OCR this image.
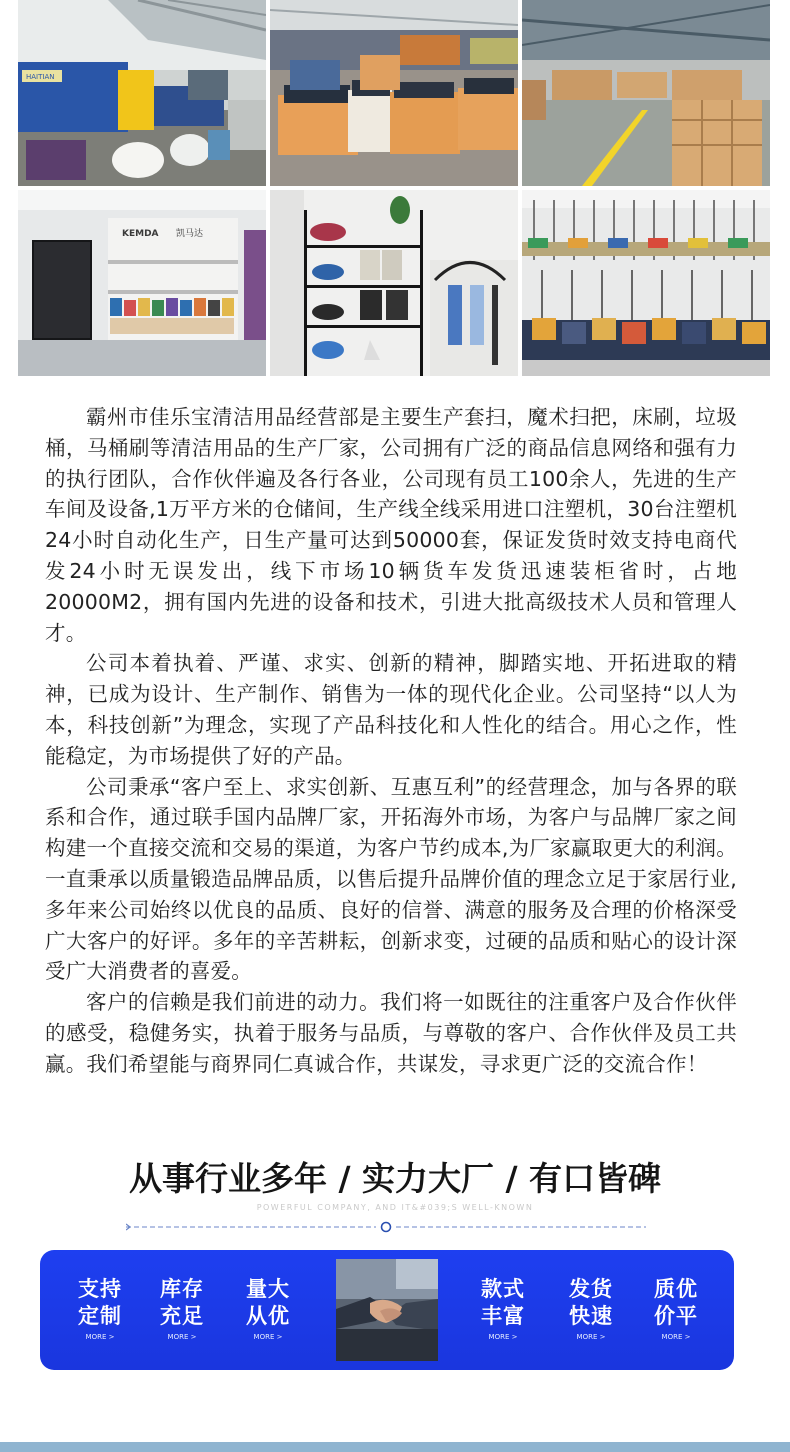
HAITIAN
KEMDA 凯马达

霸州市佳乐宝清洁用品经营部是主要生产套扫，魔术扫把，床刷，垃圾桶，马桶刷等清洁用品的生产厂家，公司拥有广泛的商品信息网络和强有力的执行团队，合作伙伴遍及各行各业，公司现有员工100余人，先进的生产车间及设备,1万平方米的仓储间，生产线全线采用进口注塑机，30台注塑机24小时自动化生产，日生产量可达到50000套，保证发货时效支持电商代发24小时无误发出，线下市场10辆货车发货迅速装柜省时，占地20000M2，拥有国内先进的设备和技术，引进大批高级技术人员和管理人才。

公司本着执着、严谨、求实、创新的精神，脚踏实地、开拓进取的精神，已成为设计、生产制作、销售为一体的现代化企业。公司坚持“以人为本，科技创新”为理念，实现了产品科技化和人性化的结合。用心之作，性能稳定，为市场提供了好的产品。

公司秉承“客户至上、求实创新、互惠互利”的经营理念，加与各界的联系和合作，通过联手国内品牌厂家，开拓海外市场，为客户与品牌厂家之间构建一个直接交流和交易的渠道，为客户节约成本,为厂家赢取更大的利润。一直秉承以质量锻造品牌品质，以售后提升品牌价值的理念立足于家居行业, 多年来公司始终以优良的品质、良好的信誉、满意的服务及合理的价格深受广大客户的好评。多年的辛苦耕耘，创新求变，过硬的品质和贴心的设计深受广大消费者的喜爱。

客户的信赖是我们前进的动力。我们将一如既往的注重客户及合作伙伴的感受，稳健务实，执着于服务与品质，与尊敬的客户、合作伙伴及员工共赢。我们希望能与商界同仁真诚合作，共谋发，寻求更广泛的交流合作！

从事行业多年 / 实力大厂 / 有口皆碑
POWERFUL COMPANY, AND IT&#039;S WELL-KNOWN
支持
定制
MORE >
库存
充足
MORE >
量大
从优
MORE >
款式
丰富
MORE >
发货
快速
MORE >
质优
价平
MORE >
